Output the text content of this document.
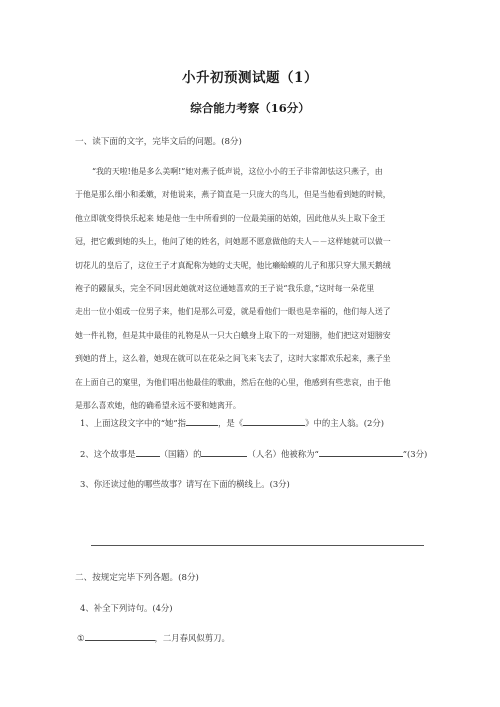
小升初预测试题（1）
综合能力考察（16分）
一、读下面的文字，完毕文后的问题。(8分)
“我的天啦!他是多么美啊!”她对燕子低声说，这位小小的王子非常卸怯这只燕子，由
于他是那么细小和柔嫩，对他说来，燕子简直是一只庞大的鸟儿，但是当他看到她的时候，
他立即就变得快乐起来 她是他一生中所看到的一位最美丽的姑娘，因此他从头上取下金王
冠，把它戴到她的头上，他问了她的姓名，问她愿不愿意做他的夫人－－这样她就可以做一
切花儿的皇后了，这位王子才真配称为她的丈夫呢，他比癞蛤蟆的儿子和那只穿大黑天鹅绒
袍子的鼹鼠头，完全不同!因此她就对这位通她喜欢的王子说“我乐意，”这时每一朵花里
走出一位小姐或一位男子来，他们是那么可爱，就是看他们一眼也是幸福的，他们每人送了
她一件礼物，但是其中最佳的礼物是从一只大白蛾身上取下的一对翅膀，他们把这对翅膀安
到她的背上，这么着，她现在就可以在花朵之间飞来飞去了，这时大家都欢乐起来，燕子坐
在上面自己的窠里，为他们唱出他最佳的歌曲，然后在他的心里，他感到有些悲哀，由于他
是那么喜欢她，他的确希望永远不要和她离开。
1、上面这段文字中的“她”指	，是《	》中的主人翁。(2分)
2、这个故事是	（国籍）的	（人名）他被称为“	”(3分)
3、你还读过他的哪些故事？请写在下面的横线上。(3分)
二、按规定完毕下列各题。(8分)
4、补全下列诗句。(4分)
①	，二月春风似剪刀。
